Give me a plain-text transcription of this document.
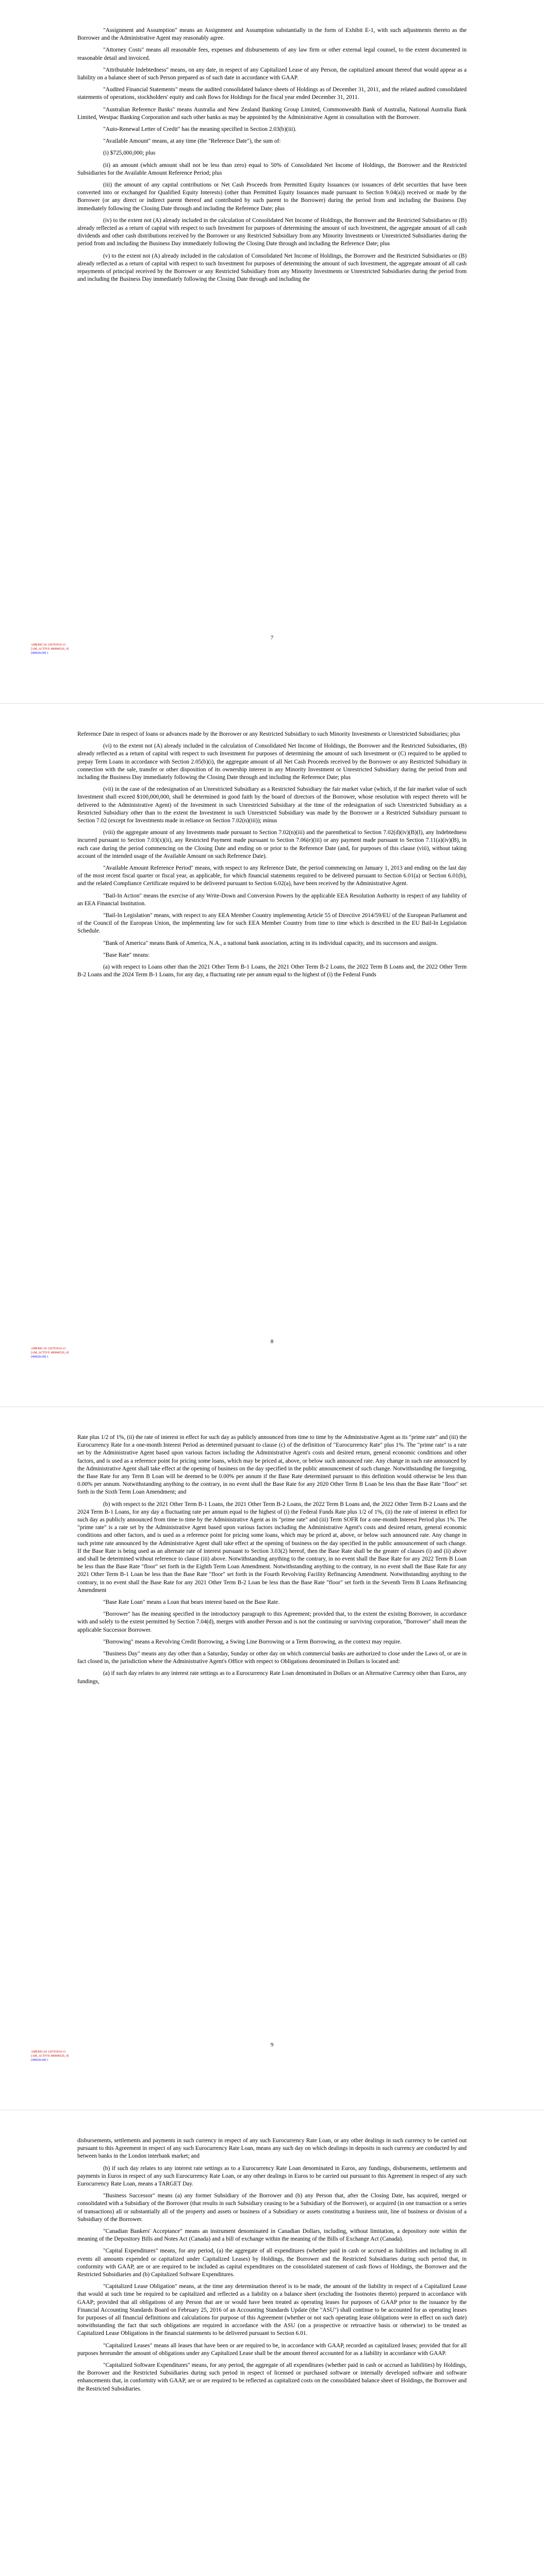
"Assignment and Assumption" means an Assignment and Assumption substantially in the form of Exhibit E-1, with such adjustments thereto as the Borrower and the Administrative Agent may reasonably agree.

"Attorney Costs" means all reasonable fees, expenses and disbursements of any law firm or other external legal counsel, to the extent documented in reasonable detail and invoiced.

"Attributable Indebtedness" means, on any date, in respect of any Capitalized Lease of any Person, the capitalized amount thereof that would appear as a liability on a balance sheet of such Person prepared as of such date in accordance with GAAP.

"Audited Financial Statements" means the audited consolidated balance sheets of Holdings as of December 31, 2011, and the related audited consolidated statements of operations, stockholders' equity and cash flows for Holdings for the fiscal year ended December 31, 2011.

"Australian Reference Banks" means Australia and New Zealand Banking Group Limited, Commonwealth Bank of Australia, National Australia Bank Limited, Westpac Banking Corporation and such other banks as may be appointed by the Administrative Agent in consultation with the Borrower.

"Auto-Renewal Letter of Credit" has the meaning specified in Section 2.03(b)(iii).

"Available Amount" means, at any time (the "Reference Date"), the sum of:

(i) $725,000,000; plus

(ii) an amount (which amount shall not be less than zero) equal to 50% of Consolidated Net Income of Holdings, the Borrower and the Restricted Subsidiaries for the Available Amount Reference Period; plus

(iii) the amount of any capital contributions or Net Cash Proceeds from Permitted Equity Issuances (or issuances of debt securities that have been converted into or exchanged for Qualified Equity Interests) (other than Permitted Equity Issuances made pursuant to Section 9.04(a)) received or made by the Borrower (or any direct or indirect parent thereof and contributed by such parent to the Borrower) during the period from and including the Business Day immediately following the Closing Date through and including the Reference Date; plus

(iv) to the extent not (A) already included in the calculation of Consolidated Net Income of Holdings, the Borrower and the Restricted Subsidiaries or (B) already reflected as a return of capital with respect to such Investment for purposes of determining the amount of such Investment, the aggregate amount of all cash dividends and other cash distributions received by the Borrower or any Restricted Subsidiary from any Minority Investments or Unrestricted Subsidiaries during the period from and including the Business Day immediately following the Closing Date through and including the Reference Date; plus

(v) to the extent not (A) already included in the calculation of Consolidated Net Income of Holdings, the Borrower and the Restricted Subsidiaries or (B) already reflected as a return of capital with respect to such Investment for purposes of determining the amount of such Investment, the aggregate amount of all cash repayments of principal received by the Borrower or any Restricted Subsidiary from any Minority Investments or Unrestricted Subsidiaries during the period from and including the Business Day immediately following the Closing Date through and including the

AMERICAS 126701914 v3
[AM_ACTIVE 400846526_4]
[496026.00] 1
7

Reference Date in respect of loans or advances made by the Borrower or any Restricted Subsidiary to such Minority Investments or Unrestricted Subsidiaries; plus

(vi) to the extent not (A) already included in the calculation of Consolidated Net Income of Holdings, the Borrower and the Restricted Subsidiaries, (B) already reflected as a return of capital with respect to such Investment for purposes of determining the amount of such Investment or (C) required to be applied to prepay Term Loans in accordance with Section 2.05(b)(i), the aggregate amount of all Net Cash Proceeds received by the Borrower or any Restricted Subsidiary in connection with the sale, transfer or other disposition of its ownership interest in any Minority Investment or Unrestricted Subsidiary during the period from and including the Business Day immediately following the Closing Date through and including the Reference Date; plus

(vii) in the case of the redesignation of an Unrestricted Subsidiary as a Restricted Subsidiary the fair market value (which, if the fair market value of such Investment shall exceed $100,000,000, shall be determined in good faith by the board of directors of the Borrower, whose resolution with respect thereto will be delivered to the Administrative Agent) of the Investment in such Unrestricted Subsidiary at the time of the redesignation of such Unrestricted Subsidiary as a Restricted Subsidiary other than to the extent the Investment in such Unrestricted Subsidiary was made by the Borrower or a Restricted Subsidiary pursuant to Section 7.02 (except for Investments made in reliance on Section 7.02(n)(iii)); minus

(viii) the aggregate amount of any Investments made pursuant to Section 7.02(n)(iii) and the parenthetical to Section 7.02(d)(iv)(B)(I), any Indebtedness incurred pursuant to Section 7.03(x)(ii), any Restricted Payment made pursuant to Section 7.06(e)(iii) or any payment made pursuant to Section 7.11(a)(iv)(B), in each case during the period commencing on the Closing Date and ending on or prior to the Reference Date (and, for purposes of this clause (viii), without taking account of the intended usage of the Available Amount on such Reference Date).

"Available Amount Reference Period" means, with respect to any Reference Date, the period commencing on January 1, 2013 and ending on the last day of the most recent fiscal quarter or fiscal year, as applicable, for which financial statements required to be delivered pursuant to Section 6.01(a) or Section 6.01(b), and the related Compliance Certificate required to be delivered pursuant to Section 6.02(a), have been received by the Administrative Agent.

"Bail-In Action" means the exercise of any Write-Down and Conversion Powers by the applicable EEA Resolution Authority in respect of any liability of an EEA Financial Institution.

"Bail-In Legislation" means, with respect to any EEA Member Country implementing Article 55 of Directive 2014/59/EU of the European Parliament and of the Council of the European Union, the implementing law for such EEA Member Country from time to time which is described in the EU Bail-In Legislation Schedule.

"Bank of America" means Bank of America, N.A., a national bank association, acting in its individual capacity, and its successors and assigns.

"Base Rate" means:

(a) with respect to Loans other than the 2021 Other Term B-1 Loans, the 2021 Other Term B-2 Loans, the 2022 Term B Loans and, the 2022 Other Term B-2 Loans and the 2024 Term B-1 Loans, for any day, a fluctuating rate per annum equal to the highest of (i) the Federal Funds

AMERICAS 126701914 v3
[AM_ACTIVE 400846526_4]
[496026.00] 1
8

Rate plus 1/2 of 1%, (ii) the rate of interest in effect for such day as publicly announced from time to time by the Administrative Agent as its "prime rate" and (iii) the Eurocurrency Rate for a one-month Interest Period as determined pursuant to clause (c) of the definition of "Eurocurrency Rate" plus 1%. The "prime rate" is a rate set by the Administrative Agent based upon various factors including the Administrative Agent's costs and desired return, general economic conditions and other factors, and is used as a reference point for pricing some loans, which may be priced at, above, or below such announced rate. Any change in such rate announced by the Administrative Agent shall take effect at the opening of business on the day specified in the public announcement of such change. Notwithstanding the foregoing, the Base Rate for any Term B Loan will be deemed to be 0.00% per annum if the Base Rate determined pursuant to this definition would otherwise be less than 0.00% per annum. Notwithstanding anything to the contrary, in no event shall the Base Rate for any 2020 Other Term B Loan be less than the Base Rate "floor" set forth in the Sixth Term Loan Amendment; and

(b) with respect to the 2021 Other Term B-1 Loans, the 2021 Other Term B-2 Loans, the 2022 Term B Loans and, the 2022 Other Term B-2 Loans and the 2024 Term B-1 Loans, for any day a fluctuating rate per annum equal to the highest of (i) the Federal Funds Rate plus 1/2 of 1%, (ii) the rate of interest in effect for such day as publicly announced from time to time by the Administrative Agent as its "prime rate" and (iii) Term SOFR for a one-month Interest Period plus 1%. The "prime rate" is a rate set by the Administrative Agent based upon various factors including the Administrative Agent's costs and desired return, general economic conditions and other factors, and is used as a reference point for pricing some loans, which may be priced at, above, or below such announced rate. Any change in such prime rate announced by the Administrative Agent shall take effect at the opening of business on the day specified in the public announcement of such change. If the Base Rate is being used as an alternate rate of interest pursuant to Section 3.03(2) hereof, then the Base Rate shall be the greater of clauses (i) and (ii) above and shall be determined without reference to clause (iii) above. Notwithstanding anything to the contrary, in no event shall the Base Rate for any 2022 Term B Loan be less than the Base Rate "floor" set forth in the Eighth Term Loan Amendment. Notwithstanding anything to the contrary, in no event shall the Base Rate for any 2021 Other Term B-1 Loan be less than the Base Rate "floor" set forth in the Fourth Revolving Facility Refinancing Amendment. Notwithstanding anything to the contrary, in no event shall the Base Rate for any 2021 Other Term B-2 Loan be less than the Base Rate "floor" set forth in the Seventh Term B Loans Refinancing Amendment

"Base Rate Loan" means a Loan that bears interest based on the Base Rate.

"Borrower" has the meaning specified in the introductory paragraph to this Agreement; provided that, to the extent the existing Borrower, in accordance with and solely to the extent permitted by Section 7.04(d), merges with another Person and is not the continuing or surviving corporation, "Borrower" shall mean the applicable Successor Borrower.

"Borrowing" means a Revolving Credit Borrowing, a Swing Line Borrowing or a Term Borrowing, as the context may require.

"Business Day" means any day other than a Saturday, Sunday or other day on which commercial banks are authorized to close under the Laws of, or are in fact closed in, the jurisdiction where the Administrative Agent's Office with respect to Obligations denominated in Dollars is located and:

(a) if such day relates to any interest rate settings as to a Eurocurrency Rate Loan denominated in Dollars or an Alternative Currency other than Euros, any fundings,

AMERICAS 126701914 v3
[AM_ACTIVE 400846526_4]
[496026.00] 1
9

disbursements, settlements and payments in such currency in respect of any such Eurocurrency Rate Loan, or any other dealings in such currency to be carried out pursuant to this Agreement in respect of any such Eurocurrency Rate Loan, means any such day on which dealings in deposits in such currency are conducted by and between banks in the London interbank market; and

(b) if such day relates to any interest rate settings as to a Eurocurrency Rate Loan denominated in Euros, any fundings, disbursements, settlements and payments in Euros in respect of any such Eurocurrency Rate Loan, or any other dealings in Euros to be carried out pursuant to this Agreement in respect of any such Eurocurrency Rate Loan, means a TARGET Day.

"Business Successor" means (a) any former Subsidiary of the Borrower and (b) any Person that, after the Closing Date, has acquired, merged or consolidated with a Subsidiary of the Borrower (that results in such Subsidiary ceasing to be a Subsidiary of the Borrower), or acquired (in one transaction or a series of transactions) all or substantially all of the property and assets or business of a Subsidiary or assets constituting a business unit, line of business or division of a Subsidiary of the Borrower.

"Canadian Bankers' Acceptance" means an instrument denominated in Canadian Dollars, including, without limitation, a depository note within the meaning of the Depository Bills and Notes Act (Canada) and a bill of exchange within the meaning of the Bills of Exchange Act (Canada).

"Capital Expenditures" means, for any period, (a) the aggregate of all expenditures (whether paid in cash or accrued as liabilities and including in all events all amounts expended or capitalized under Capitalized Leases) by Holdings, the Borrower and the Restricted Subsidiaries during such period that, in conformity with GAAP, are or are required to be included as capital expenditures on the consolidated statement of cash flows of Holdings, the Borrower and the Restricted Subsidiaries and (b) Capitalized Software Expenditures.

"Capitalized Lease Obligation" means, at the time any determination thereof is to be made, the amount of the liability in respect of a Capitalized Lease that would at such time be required to be capitalized and reflected as a liability on a balance sheet (excluding the footnotes thereto) prepared in accordance with GAAP; provided that all obligations of any Person that are or would have been treated as operating leases for purposes of GAAP prior to the issuance by the Financial Accounting Standards Board on February 25, 2016 of an Accounting Standards Update (the "ASU") shall continue to be accounted for as operating leases for purposes of all financial definitions and calculations for purpose of this Agreement (whether or not such operating lease obligations were in effect on such date) notwithstanding the fact that such obligations are required in accordance with the ASU (on a prospective or retroactive basis or otherwise) to be treated as Capitalized Lease Obligations in the financial statements to be delivered pursuant to Section 6.01.

"Capitalized Leases" means all leases that have been or are required to be, in accordance with GAAP, recorded as capitalized leases; provided that for all purposes hereunder the amount of obligations under any Capitalized Lease shall be the amount thereof accounted for as a liability in accordance with GAAP.

"Capitalized Software Expenditures" means, for any period, the aggregate of all expenditures (whether paid in cash or accrued as liabilities) by Holdings, the Borrower and the Restricted Subsidiaries during such period in respect of licensed or purchased software or internally developed software and software enhancements that, in conformity with GAAP, are or are required to be reflected as capitalized costs on the consolidated balance sheet of Holdings, the Borrower and the Restricted Subsidiaries.
